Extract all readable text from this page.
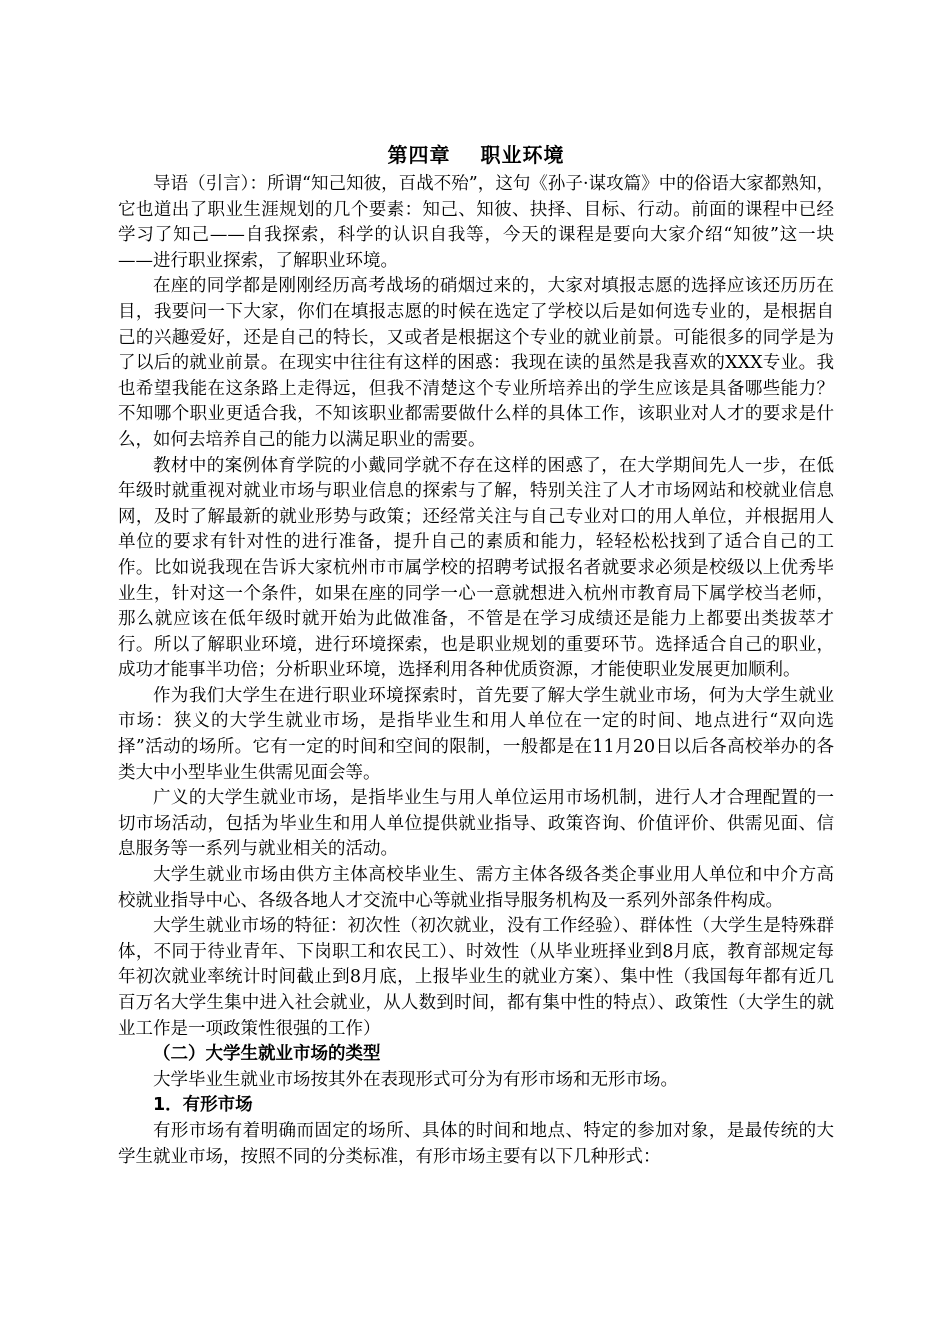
第四章 职业环境

导语（引言）：所谓“知己知彼，百战不殆”，这句《孙子·谋攻篇》中的俗语大家都熟知，它也道出了职业生涯规划的几个要素：知己、知彼、抉择、目标、行动。前面的课程中已经学习了知己——自我探索，科学的认识自我等，今天的课程是要向大家介绍“知彼”这一块——进行职业探索，了解职业环境。

在座的同学都是刚刚经历高考战场的硝烟过来的，大家对填报志愿的选择应该还历历在目，我要问一下大家，你们在填报志愿的时候在选定了学校以后是如何选专业的，是根据自己的兴趣爱好，还是自己的特长，又或者是根据这个专业的就业前景。可能很多的同学是为了以后的就业前景。在现实中往往有这样的困惑：我现在读的虽然是我喜欢的XXX专业。我也希望我能在这条路上走得远，但我不清楚这个专业所培养出的学生应该是具备哪些能力？不知哪个职业更适合我，不知该职业都需要做什么样的具体工作，该职业对人才的要求是什么，如何去培养自己的能力以满足职业的需要。

教材中的案例体育学院的小戴同学就不存在这样的困惑了，在大学期间先人一步，在低年级时就重视对就业市场与职业信息的探索与了解，特别关注了人才市场网站和校就业信息网，及时了解最新的就业形势与政策；还经常关注与自己专业对口的用人单位，并根据用人单位的要求有针对性的进行准备，提升自己的素质和能力，轻轻松松找到了适合自己的工作。比如说我现在告诉大家杭州市市属学校的招聘考试报名者就要求必须是校级以上优秀毕业生，针对这一个条件，如果在座的同学一心一意就想进入杭州市教育局下属学校当老师，那么就应该在低年级时就开始为此做准备，不管是在学习成绩还是能力上都要出类拔萃才行。所以了解职业环境，进行环境探索，也是职业规划的重要环节。选择适合自己的职业，成功才能事半功倍；分析职业环境，选择利用各种优质资源，才能使职业发展更加顺利。

作为我们大学生在进行职业环境探索时，首先要了解大学生就业市场，何为大学生就业市场：狭义的大学生就业市场，是指毕业生和用人单位在一定的时间、地点进行“双向选择”活动的场所。它有一定的时间和空间的限制，一般都是在11月20日以后各高校举办的各类大中小型毕业生供需见面会等。

广义的大学生就业市场，是指毕业生与用人单位运用市场机制，进行人才合理配置的一切市场活动，包括为毕业生和用人单位提供就业指导、政策咨询、价值评价、供需见面、信息服务等一系列与就业相关的活动。

大学生就业市场由供方主体高校毕业生、需方主体各级各类企事业用人单位和中介方高校就业指导中心、各级各地人才交流中心等就业指导服务机构及一系列外部条件构成。

大学生就业市场的特征：初次性（初次就业，没有工作经验）、群体性（大学生是特殊群体，不同于待业青年、下岗职工和农民工）、时效性（从毕业班择业到8月底，教育部规定每年初次就业率统计时间截止到8月底，上报毕业生的就业方案）、集中性（我国每年都有近几百万名大学生集中进入社会就业，从人数到时间，都有集中性的特点）、政策性（大学生的就业工作是一项政策性很强的工作）

（二）大学生就业市场的类型

大学毕业生就业市场按其外在表现形式可分为有形市场和无形市场。

1．有形市场

有形市场有着明确而固定的场所、具体的时间和地点、特定的参加对象，是最传统的大学生就业市场，按照不同的分类标准，有形市场主要有以下几种形式：
